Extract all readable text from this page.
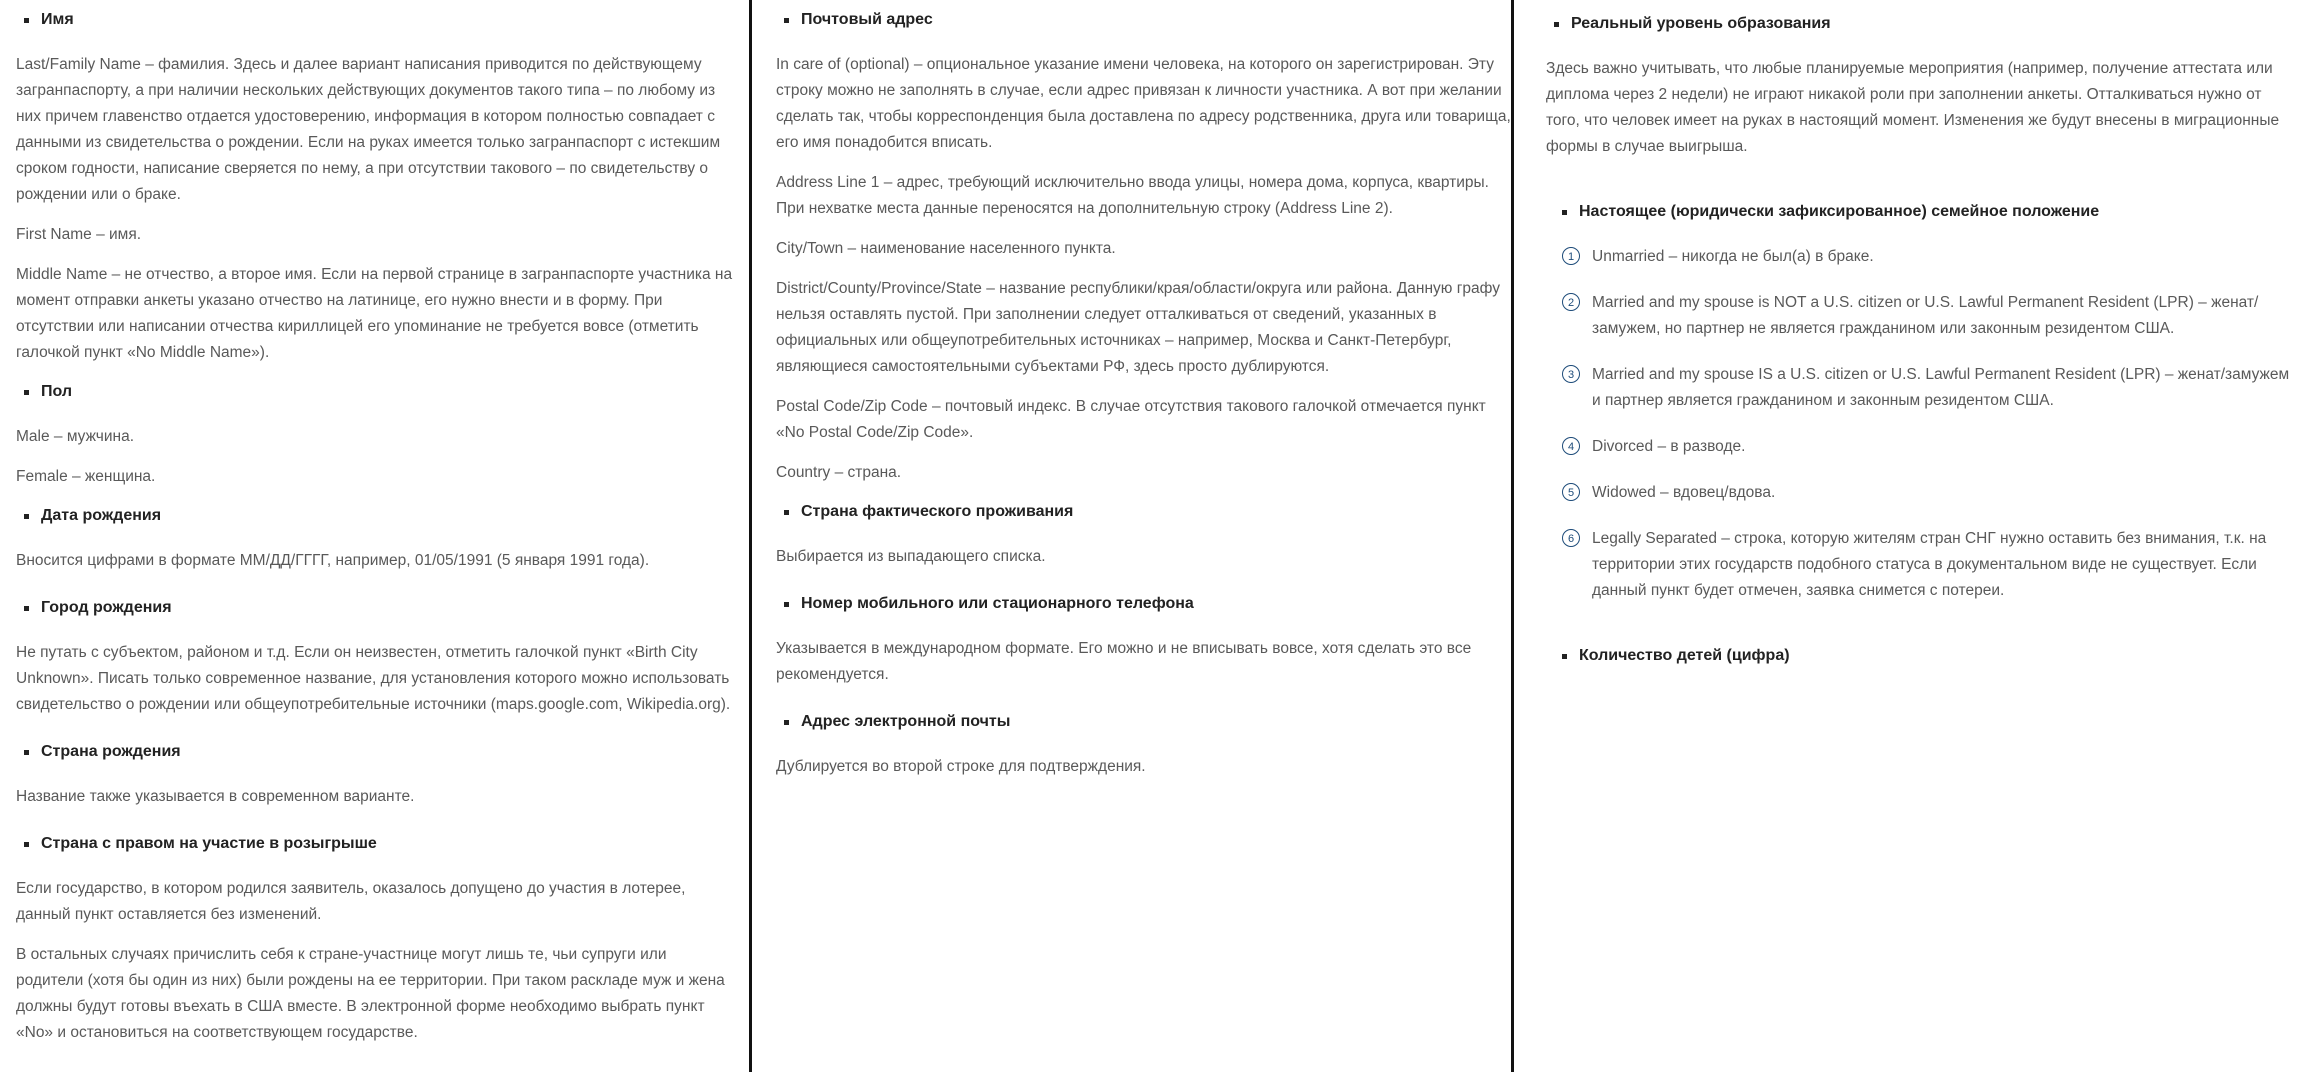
Имя

Last/Family Name – фамилия. Здесь и далее вариант написания приводится по действующему загранпаспорту, а при наличии нескольких действующих документов такого типа – по любому из них причем главенство отдается удостоверению, информация в котором полностью совпадает с данными из свидетельства о рождении. Если на руках имеется только загранпаспорт с истекшим сроком годности, написание сверяется по нему, а при отсутствии такового – по свидетельству о рождении или о браке.

First Name – имя.

Middle Name – не отчество, а второе имя. Если на первой странице в загранпаспорте участника на момент отправки анкеты указано отчество на латинице, его нужно внести и в форму. При отсутствии или написании отчества кириллицей его упоминание не требуется вовсе (отметить галочкой пункт «No Middle Name»).

Пол

Male – мужчина.

Female – женщина.

Дата рождения

Вносится цифрами в формате ММ/ДД/ГГГГ, например, 01/05/1991 (5 января 1991 года).

Город рождения

Не путать с субъектом, районом и т.д. Если он неизвестен, отметить галочкой пункт «Birth City Unknown». Писать только современное название, для установления которого можно использовать свидетельство о рождении или общеупотребительные источники (maps.google.com, Wikipedia.org).

Страна рождения

Название также указывается в современном варианте.

Страна с правом на участие в розыгрыше

Если государство, в котором родился заявитель, оказалось допущено до участия в лотерее, данный пункт оставляется без изменений.

В остальных случаях причислить себя к стране-участнице могут лишь те, чьи супруги или родители (хотя бы один из них) были рождены на ее территории. При таком раскладе муж и жена должны будут готовы въехать в США вместе. В электронной форме необходимо выбрать пункт «No» и остановиться на соответствующем государстве.

Почтовый адрес

In care of (optional) – опциональное указание имени человека, на которого он зарегистрирован. Эту строку можно не заполнять в случае, если адрес привязан к личности участника. А вот при желании сделать так, чтобы корреспонденция была доставлена по адресу родственника, друга или товарища, его имя понадобится вписать.

Address Line 1 – адрес, требующий исключительно ввода улицы, номера дома, корпуса, квартиры. При нехватке места данные переносятся на дополнительную строку (Address Line 2).

City/Town – наименование населенного пункта.

District/County/Province/State – название республики/края/области/округа или района. Данную графу нельзя оставлять пустой. При заполнении следует отталкиваться от сведений, указанных в официальных или общеупотребительных источниках – например, Москва и Санкт-Петербург, являющиеся самостоятельными субъектами РФ, здесь просто дублируются.

Postal Code/Zip Code – почтовый индекс. В случае отсутствия такового галочкой отмечается пункт «No Postal Code/Zip Code».

Country – страна.

Страна фактического проживания

Выбирается из выпадающего списка.

Номер мобильного или стационарного телефона

Указывается в международном формате. Его можно и не вписывать вовсе, хотя сделать это все рекомендуется.

Адрес электронной почты

Дублируется во второй строке для подтверждения.

Реальный уровень образования

Здесь важно учитывать, что любые планируемые мероприятия (например, получение аттестата или диплома через 2 недели) не играют никакой роли при заполнении анкеты. Отталкиваться нужно от того, что человек имеет на руках в настоящий момент. Изменения же будут внесены в миграционные формы в случае выигрыша.

Настоящее (юридически зафиксированное) семейное положение
1	Unmarried – никогда не был(а) в браке.
2	Married and my spouse is NOT a U.S. citizen or U.S. Lawful Permanent Resident (LPR) – женат/замужем, но партнер не является гражданином или законным резидентом США.
3	Married and my spouse IS a U.S. citizen or U.S. Lawful Permanent Resident (LPR) – женат/замужем и партнер является гражданином и законным резидентом США.
4	Divorced – в разводе.
5	Widowed – вдовец/вдова.
6	Legally Separated – строка, которую жителям стран СНГ нужно оставить без внимания, т.к. на территории этих государств подобного статуса в документальном виде не существует. Если данный пункт будет отмечен, заявка снимется с потереи.
Количество детей (цифра)
